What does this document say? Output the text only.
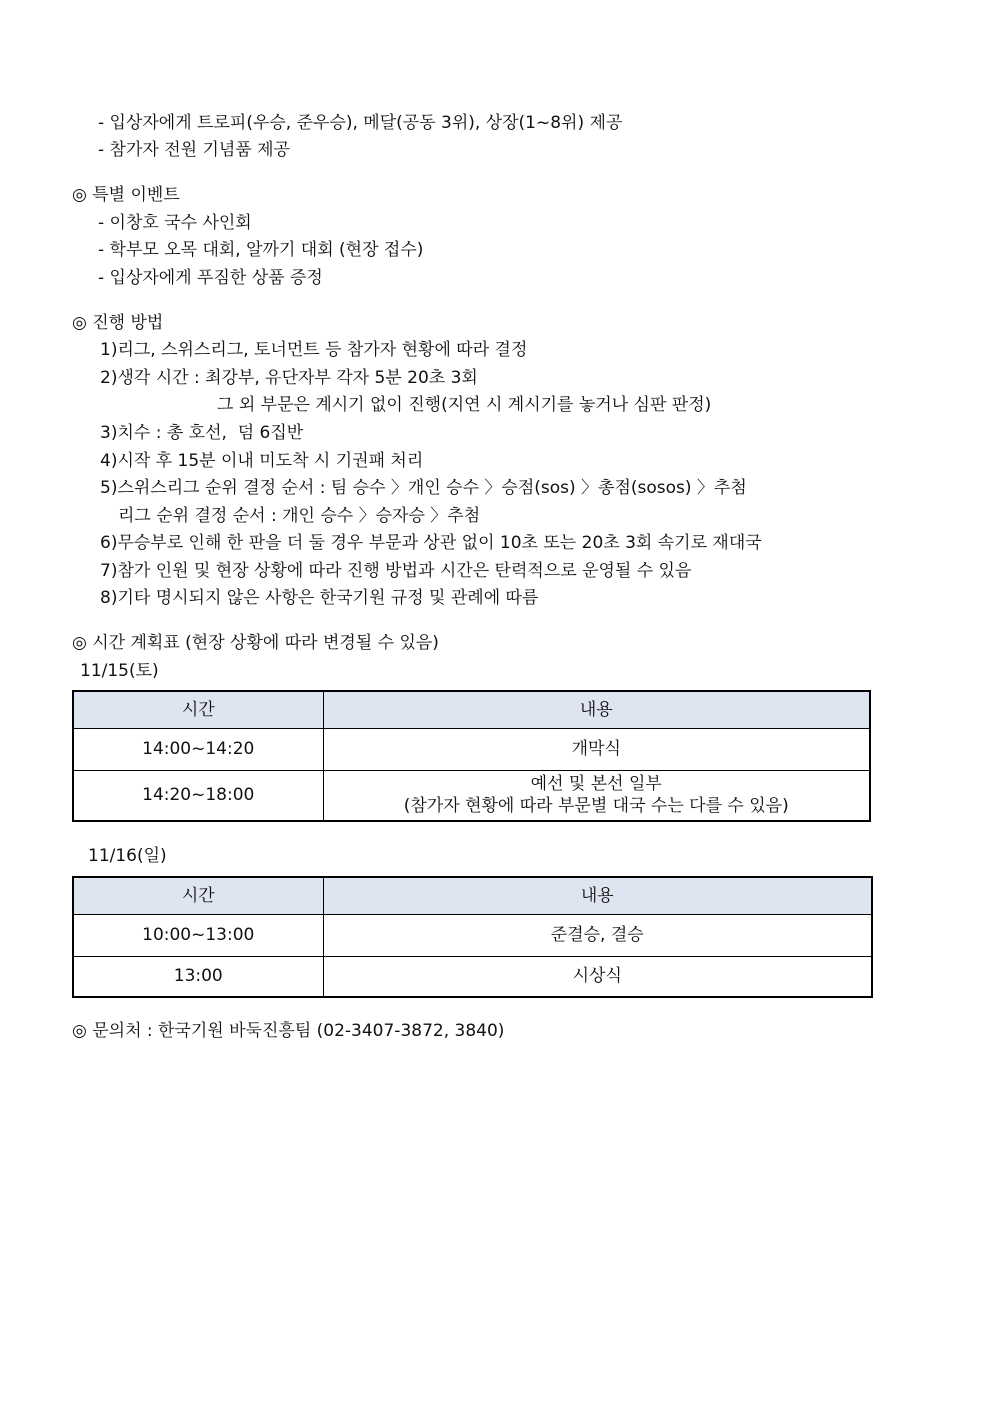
- 입상자에게 트로피(우승, 준우승), 메달(공동 3위), 상장(1~8위) 제공
- 참가자 전원 기념품 제공
◎ 특별 이벤트
- 이창호 국수 사인회
- 학부모 오목 대회, 알까기 대회 (현장 접수)
- 입상자에게 푸짐한 상품 증정
◎ 진행 방법
1)리그, 스위스리그, 토너먼트 등 참가자 현황에 따라 결정
2)생각 시간 : 최강부, 유단자부 각자 5분 20초 3회
그 외 부문은 계시기 없이 진행(지연 시 계시기를 놓거나 심판 판정)
3)치수 : 총 호선,  덤 6집반
4)시작 후 15분 이내 미도착 시 기권패 처리
5)스위스리그 순위 결정 순서 : 팀 승수 〉개인 승수 〉승점(sos) 〉총점(sosos) 〉추첨
리그 순위 결정 순서 : 개인 승수 〉승자승 〉추첨
6)무승부로 인해 한 판을 더 둘 경우 부문과 상관 없이 10초 또는 20초 3회 속기로 재대국
7)참가 인원 및 현장 상황에 따라 진행 방법과 시간은 탄력적으로 운영될 수 있음
8)기타 명시되지 않은 사항은 한국기원 규정 및 관례에 따름
◎ 시간 계획표 (현장 상황에 따라 변경될 수 있음)
11/15(토)
시간	내용
14:00~14:20	개막식
14:20~18:00	예선 및 본선 일부
(참가자 현황에 따라 부문별 대국 수는 다를 수 있음)
11/16(일)
시간	내용
10:00~13:00	준결승, 결승
13:00	시상식
◎ 문의처 : 한국기원 바둑진흥팀 (02-3407-3872, 3840)
